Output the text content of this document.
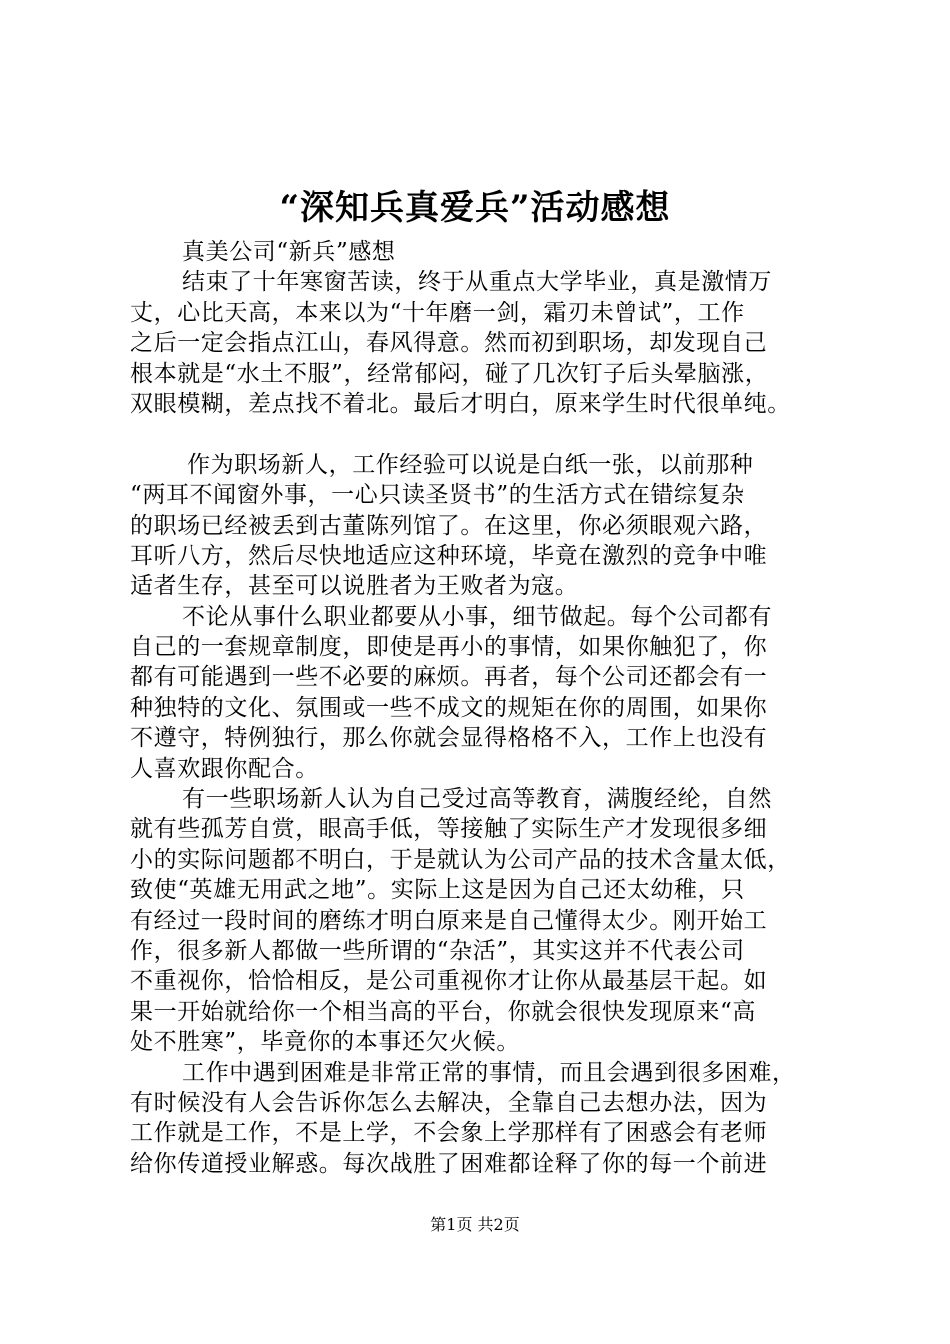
“深知兵真爱兵”活动感想
真美公司“新兵”感想
结束了十年寒窗苦读，终于从重点大学毕业，真是激情万
丈，心比天高，本来以为“十年磨一剑，霜刃未曾试”，工作
之后一定会指点江山，春风得意。然而初到职场，却发现自己
根本就是“水土不服”，经常郁闷，碰了几次钉子后头晕脑涨，
双眼模糊，差点找不着北。最后才明白，原来学生时代很单纯。
作为职场新人，工作经验可以说是白纸一张，以前那种
“两耳不闻窗外事，一心只读圣贤书”的生活方式在错综复杂
的职场已经被丢到古董陈列馆了。在这里，你必须眼观六路，
耳听八方，然后尽快地适应这种环境，毕竟在激烈的竞争中唯
适者生存，甚至可以说胜者为王败者为寇。
不论从事什么职业都要从小事，细节做起。每个公司都有
自己的一套规章制度，即使是再小的事情，如果你触犯了，你
都有可能遇到一些不必要的麻烦。再者，每个公司还都会有一
种独特的文化、氛围或一些不成文的规矩在你的周围，如果你
不遵守，特例独行，那么你就会显得格格不入，工作上也没有
人喜欢跟你配合。
有一些职场新人认为自己受过高等教育，满腹经纶，自然
就有些孤芳自赏，眼高手低，等接触了实际生产才发现很多细
小的实际问题都不明白，于是就认为公司产品的技术含量太低，
致使“英雄无用武之地”。实际上这是因为自己还太幼稚，只
有经过一段时间的磨练才明白原来是自己懂得太少。刚开始工
作，很多新人都做一些所谓的“杂活”，其实这并不代表公司
不重视你，恰恰相反，是公司重视你才让你从最基层干起。如
果一开始就给你一个相当高的平台，你就会很快发现原来“高
处不胜寒”，毕竟你的本事还欠火候。
工作中遇到困难是非常正常的事情，而且会遇到很多困难，
有时候没有人会告诉你怎么去解决，全靠自己去想办法，因为
工作就是工作，不是上学，不会象上学那样有了困惑会有老师
给你传道授业解惑。每次战胜了困难都诠释了你的每一个前进
第1页 共2页
